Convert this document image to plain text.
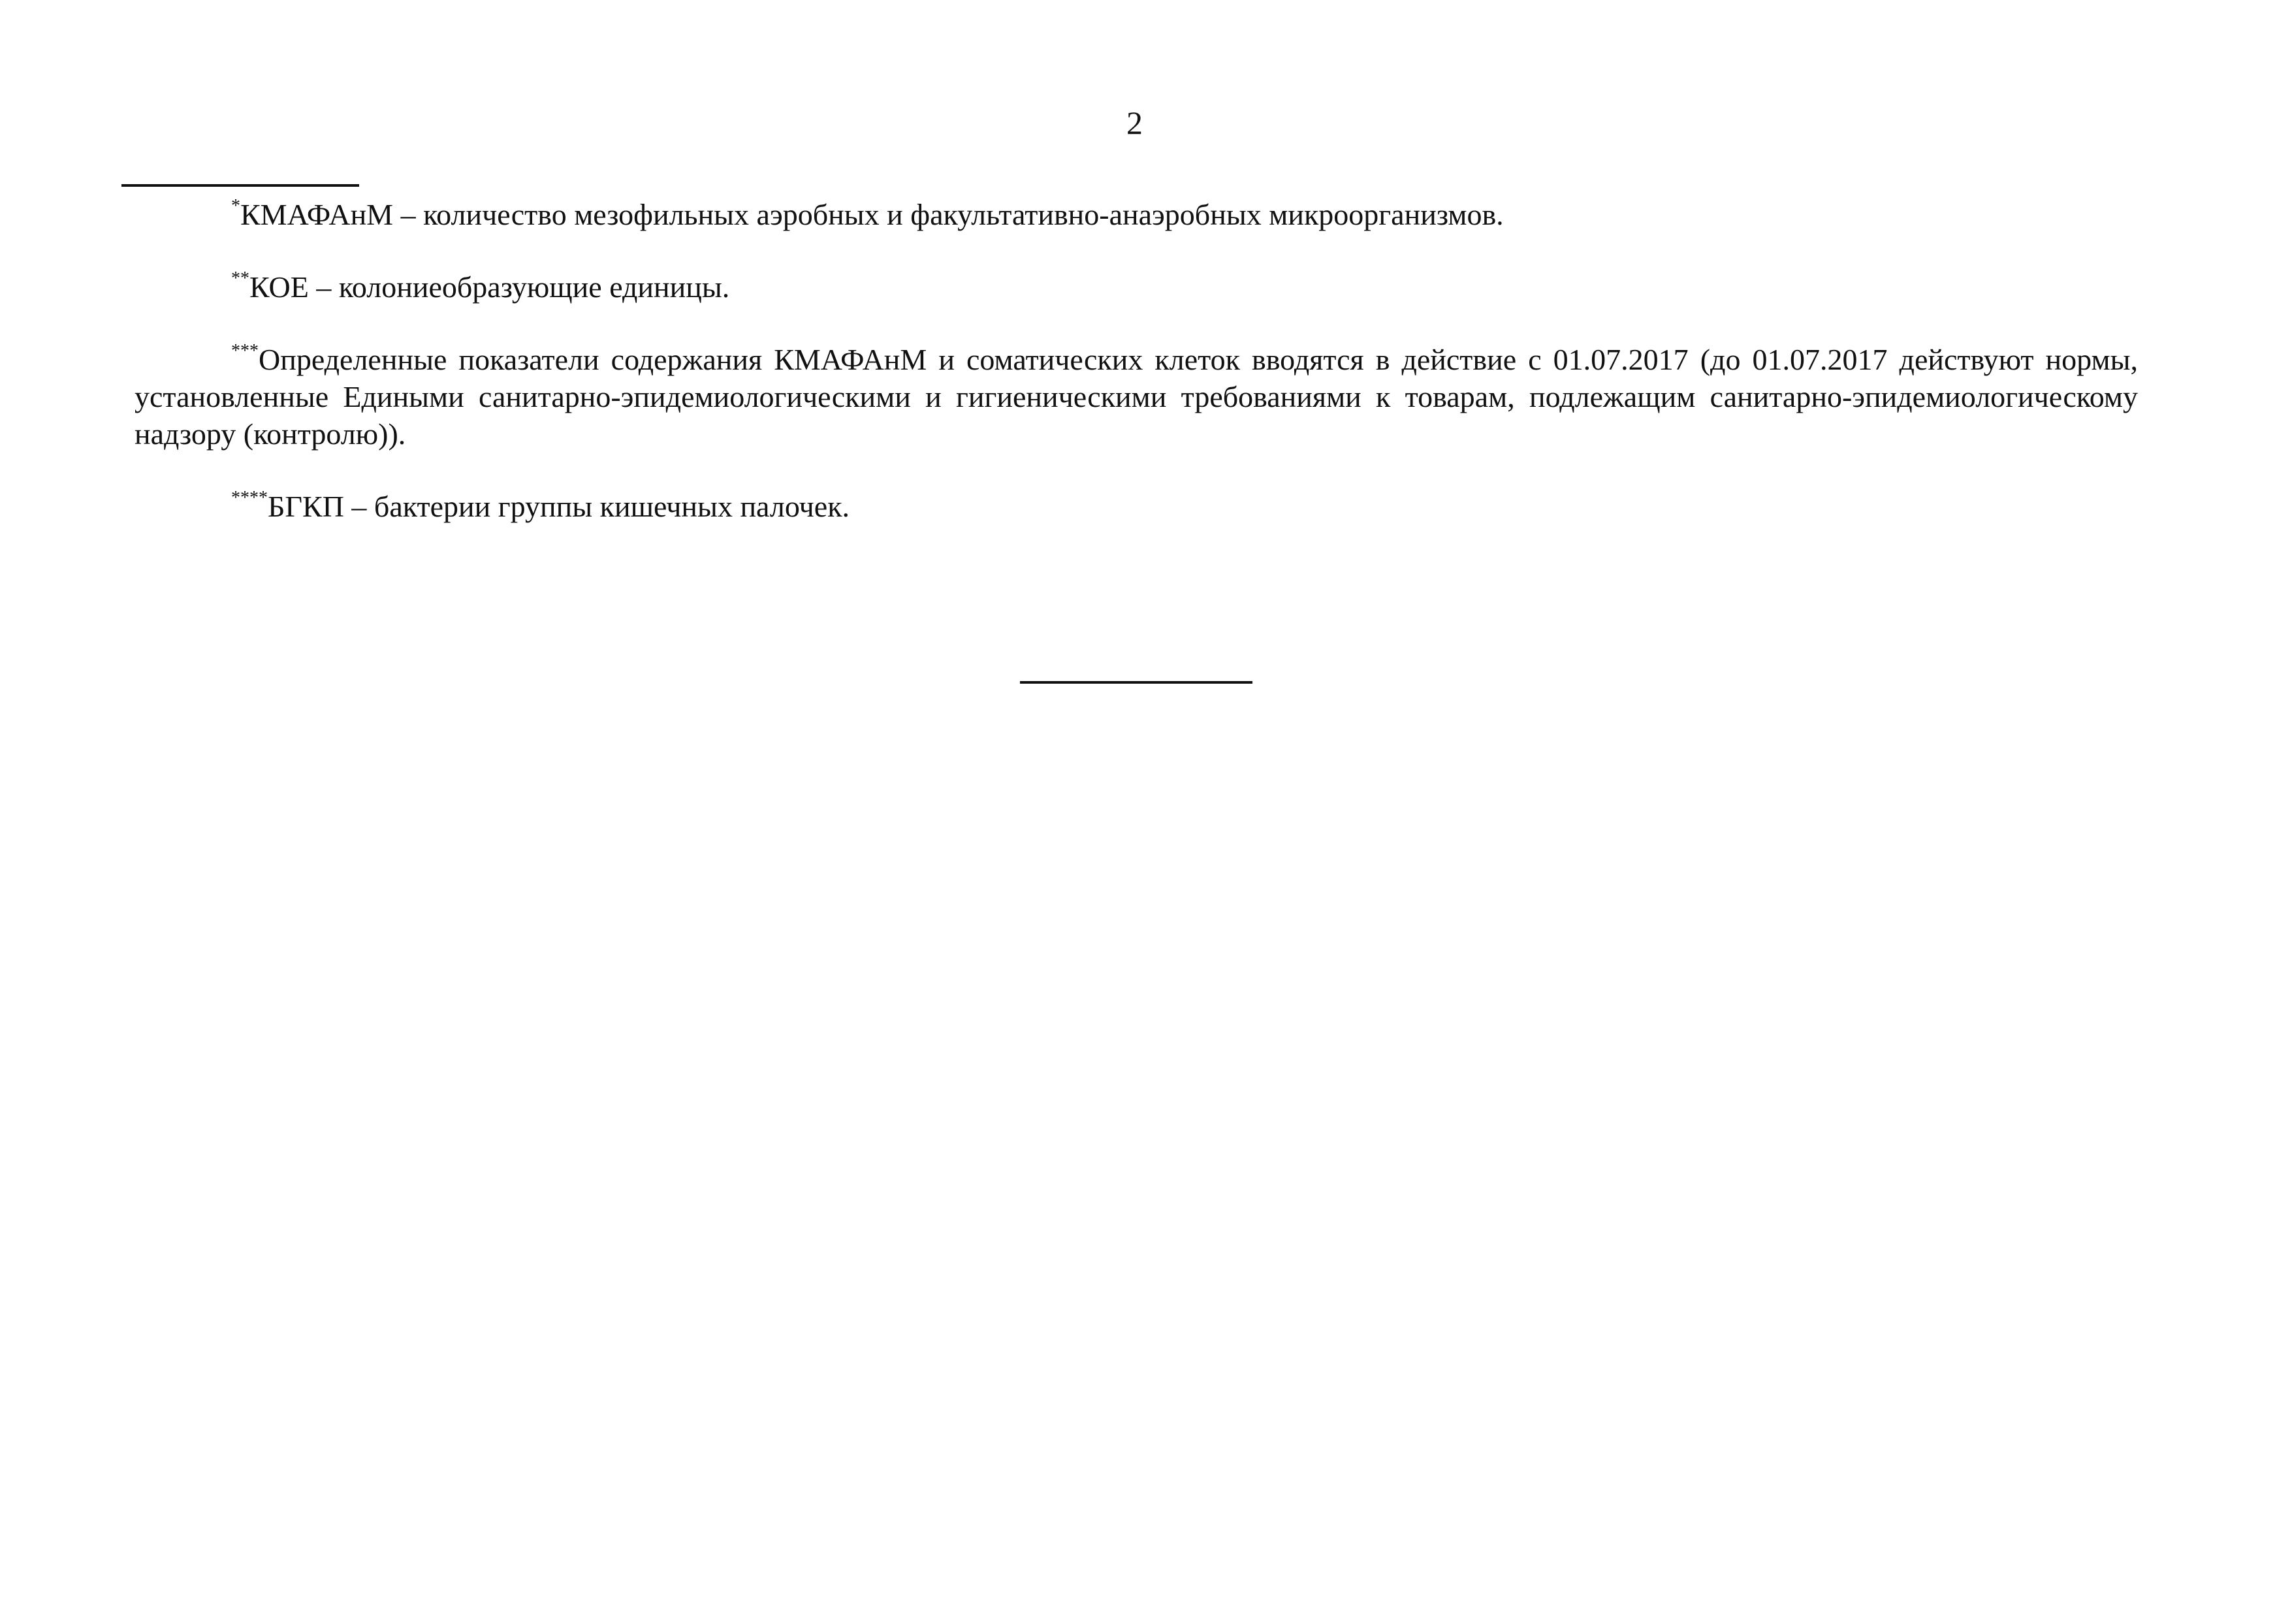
2

*КМАФАнМ – количество мезофильных аэробных и факультативно-анаэробных микроорганизмов.

**КОЕ – колониеобразующие единицы.

***Определенные показатели содержания КМАФАнМ и соматических клеток вводятся в действие с 01.07.2017 (до 01.07.2017 действуют нормы, установленные Едиными санитарно-эпидемиологическими и гигиеническими требованиями к товарам, подлежащим санитарно-эпидемиологическому надзору (контролю)).

****БГКП – бактерии группы кишечных палочек.
